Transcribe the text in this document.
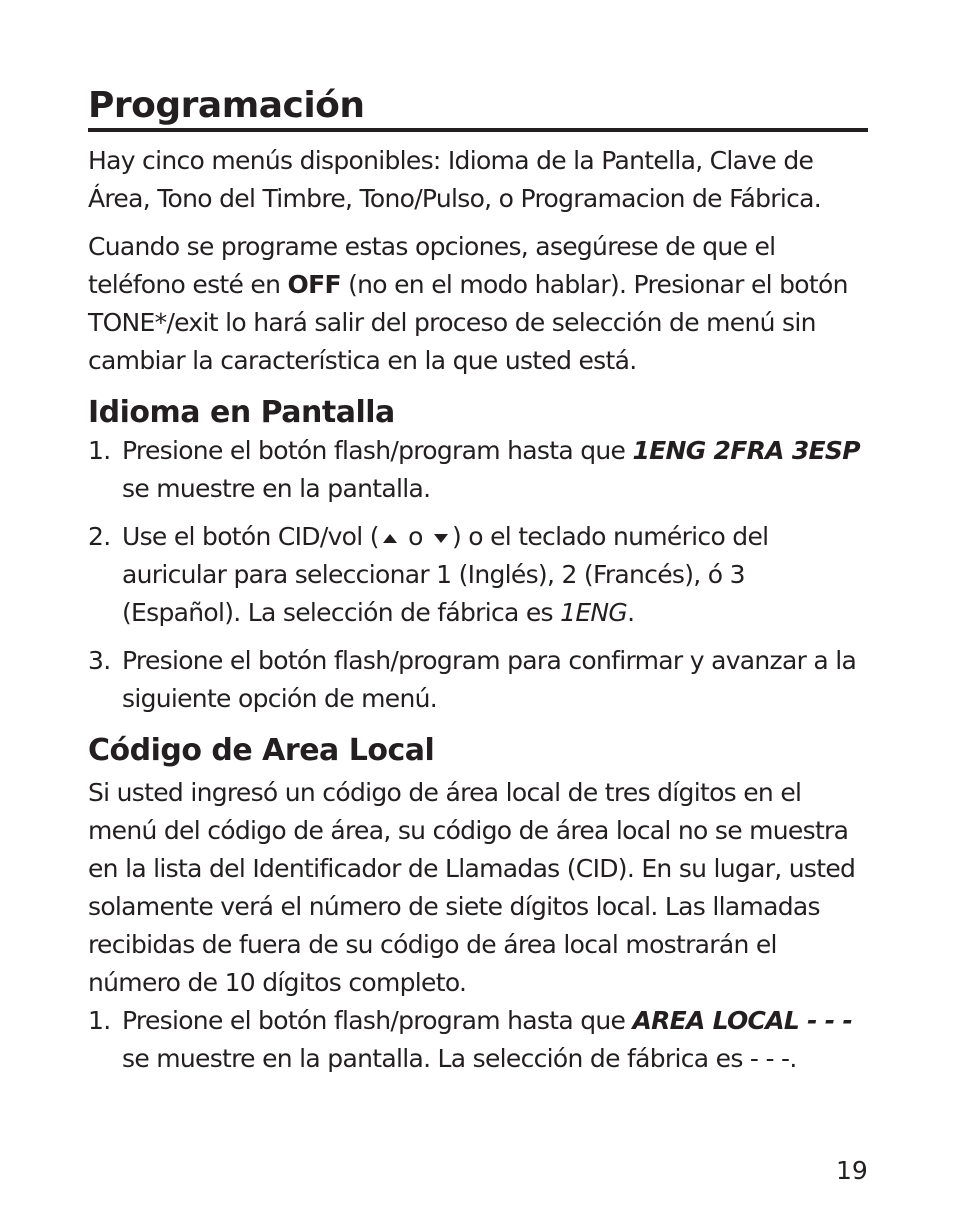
Programación

Hay cinco menús disponibles: Idioma de la Pantella, Clave de Área, Tono del Timbre, Tono/Pulso, o Programacion de Fábrica.

Cuando se programe estas opciones, asegúrese de que el teléfono esté en OFF (no en el modo hablar). Presionar el botón TONE*/exit lo hará salir del proceso de selección de menú sin cambiar la característica en la que usted está.

Idioma en Pantalla
1. Presione el botón flash/program hasta que 1ENG 2FRA 3ESP se muestre en la pantalla.
2. Use el botón CID/vol ( o ) o el teclado numérico del auricular para seleccionar 1 (Inglés), 2 (Francés), ó 3 (Español). La selección de fábrica es 1ENG.
3. Presione el botón flash/program para confirmar y avanzar a la siguiente opción de menú.
Código de Area Local

Si usted ingresó un código de área local de tres dígitos en el menú del código de área, su código de área local no se muestra en la lista del Identificador de Llamadas (CID). En su lugar, usted solamente verá el número de siete dígitos local. Las llamadas recibidas de fuera de su código de área local mostrarán el número de 10 dígitos completo.

1. Presione el botón flash/program hasta que AREA LOCAL - - - se muestre en la pantalla. La selección de fábrica es - - -.
19
